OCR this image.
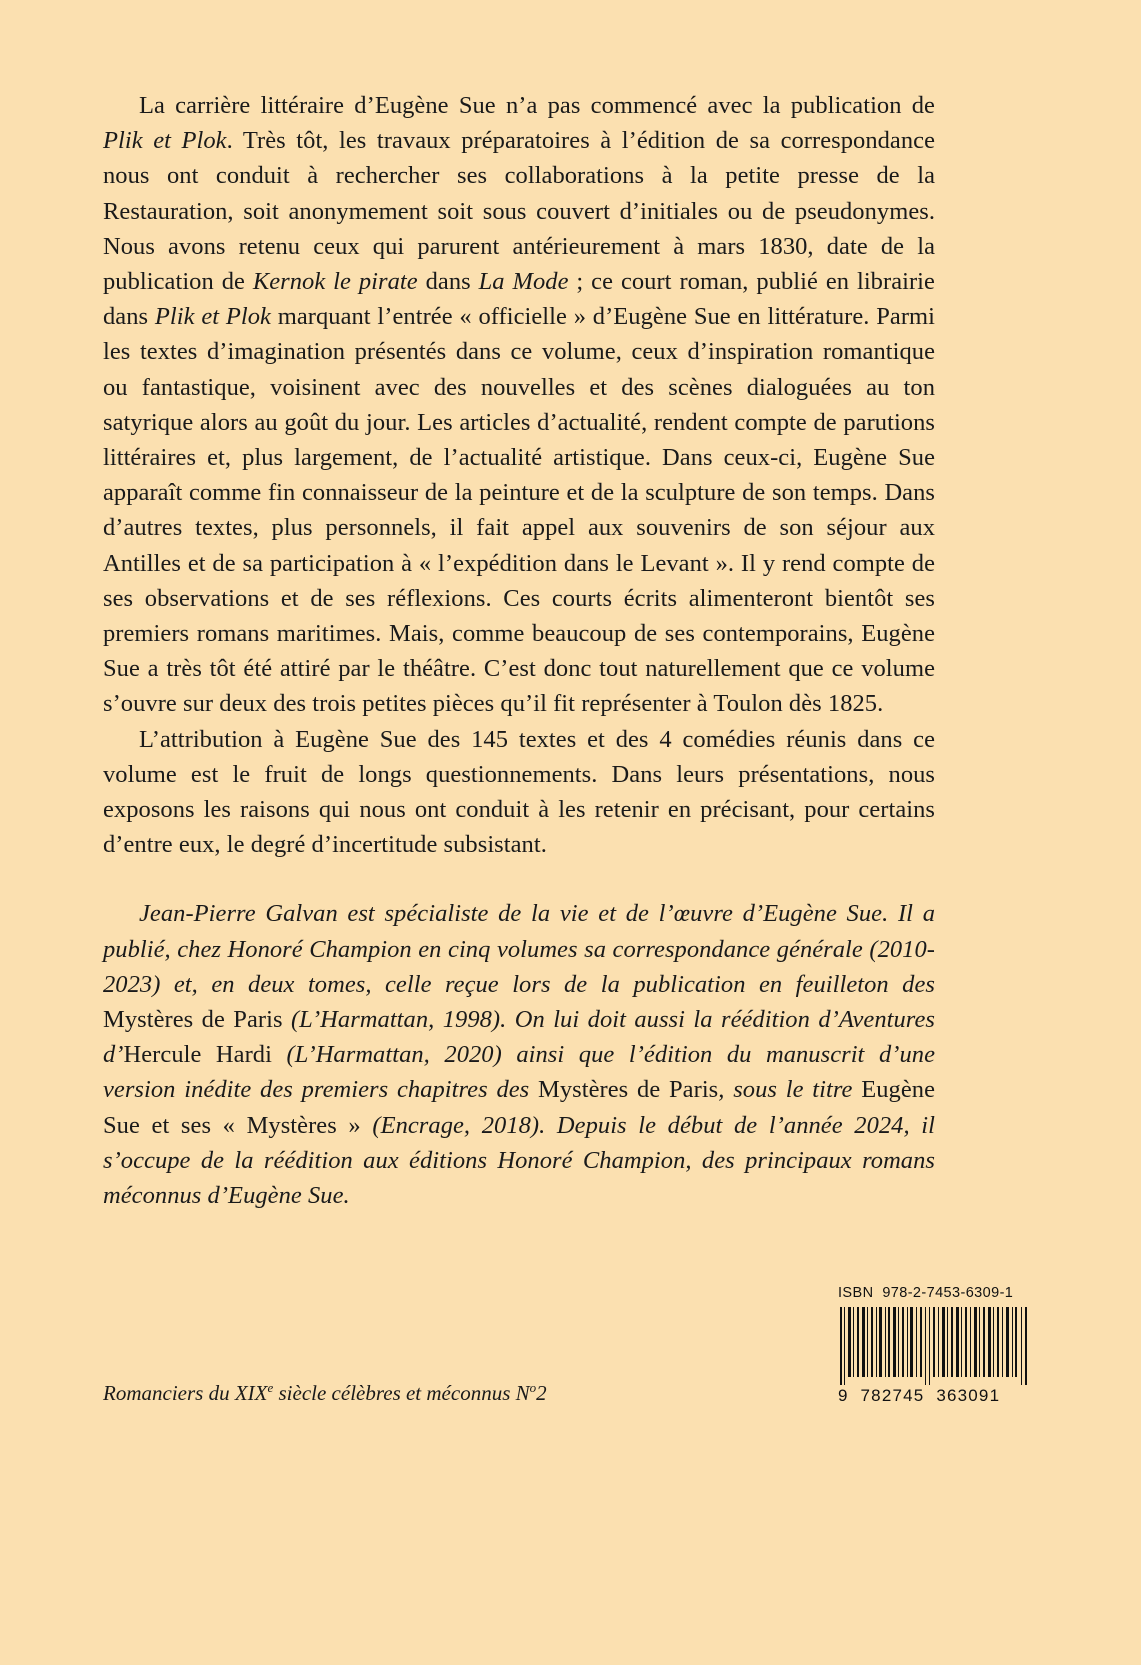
La carrière littéraire d’Eugène Sue n’a pas commencé avec la publication de Plik et Plok. Très tôt, les travaux préparatoires à l’édition de sa correspondance nous ont conduit à rechercher ses collaborations à la petite presse de la Restauration, soit anonymement soit sous couvert d’initiales ou de pseudonymes. Nous avons retenu ceux qui parurent antérieurement à mars 1830, date de la publication de Kernok le pirate dans La Mode ; ce court roman, publié en librairie dans Plik et Plok marquant l’entrée « officielle » d’Eugène Sue en littérature. Parmi les textes d’imagination présentés dans ce volume, ceux d’inspiration romantique ou fantastique, voisinent avec des nouvelles et des scènes dialoguées au ton satyrique alors au goût du jour. Les articles d’actualité, rendent compte de parutions littéraires et, plus largement, de l’actualité artistique. Dans ceux-ci, Eugène Sue apparaît comme fin connaisseur de la peinture et de la sculpture de son temps. Dans d’autres textes, plus personnels, il fait appel aux souvenirs de son séjour aux Antilles et de sa participation à « l’expédition dans le Levant ». Il y rend compte de ses observations et de ses réflexions. Ces courts écrits alimenteront bientôt ses premiers romans maritimes. Mais, comme beaucoup de ses contemporains, Eugène Sue a très tôt été attiré par le théâtre. C’est donc tout naturellement que ce volume s’ouvre sur deux des trois petites pièces qu’il fit représenter à Toulon dès 1825.

L’attribution à Eugène Sue des 145 textes et des 4 comédies réunis dans ce volume est le fruit de longs questionnements. Dans leurs présentations, nous exposons les raisons qui nous ont conduit à les retenir en précisant, pour certains d’entre eux, le degré d’incertitude subsistant.

Jean-Pierre Galvan est spécialiste de la vie et de l’œuvre d’Eugène Sue. Il a publié, chez Honoré Champion en cinq volumes sa correspondance générale (2010-2023) et, en deux tomes, celle reçue lors de la publication en feuilleton des Mystères de Paris (L’Harmattan, 1998). On lui doit aussi la réédition d’Aventures d’Hercule Hardi (L’Harmattan, 2020) ainsi que l’édition du manuscrit d’une version inédite des premiers chapitres des Mystères de Paris, sous le titre Eugène Sue et ses « Mystères » (Encrage, 2018). Depuis le début de l’année 2024, il s’occupe de la réédition aux éditions Honoré Champion, des principaux romans méconnus d’Eugène Sue.

ISBN 978-2-7453-6309-1
9 782745 363091
Romanciers du XIXe siècle célèbres et méconnus $N^o2$
